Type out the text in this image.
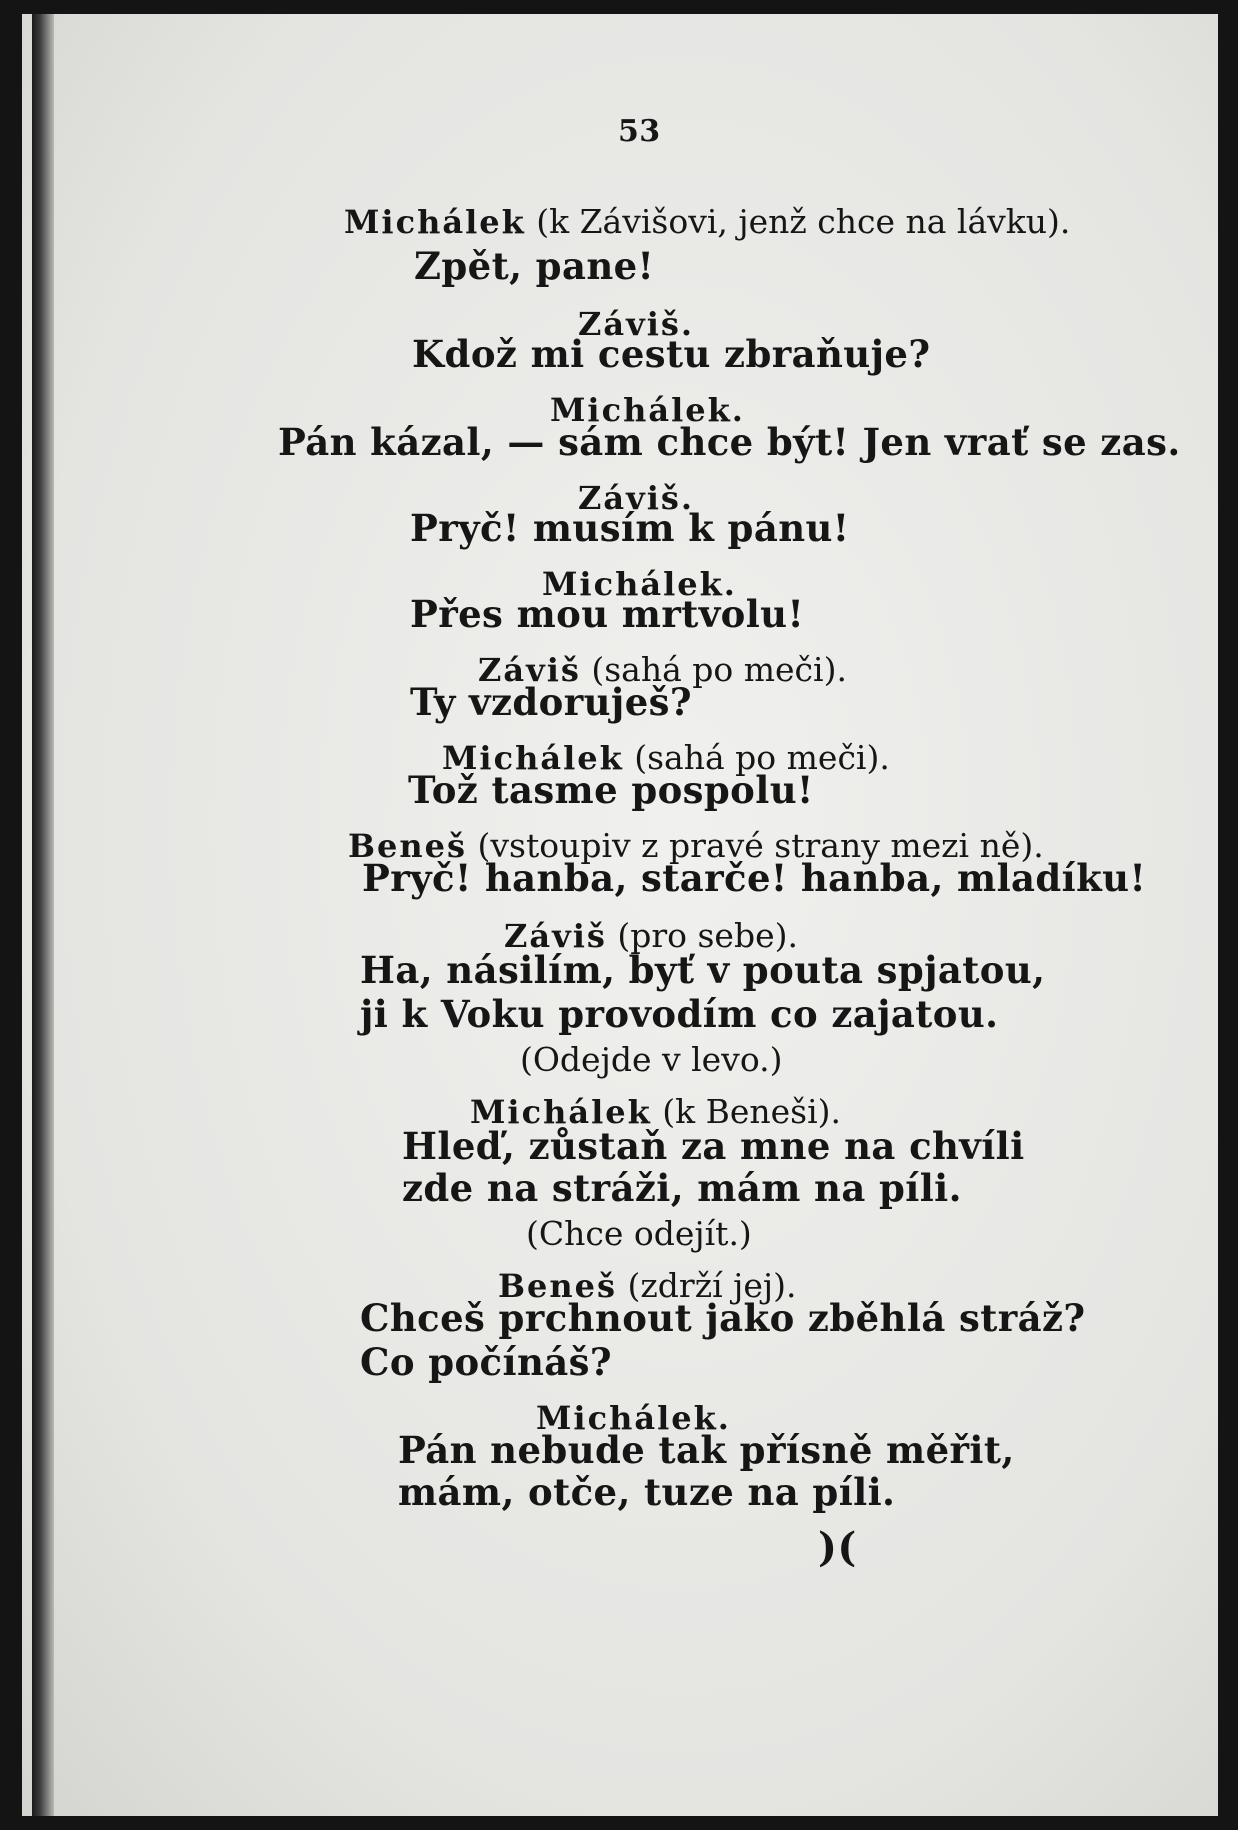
53
Michálek (k Závišovi, jenž chce na lávku).
Zpět, pane!
Záviš.
Kdož mi cestu zbraňuje?
Michálek.
Pán kázal, — sám chce být! Jen vrať se zas.
Záviš.
Pryč! musím k pánu!
Michálek.
Přes mou mrtvolu!
Záviš (sahá po meči).
Ty vzdoruješ?
Michálek (sahá po meči).
Tož tasme pospolu!
Beneš (vstoupiv z pravé strany mezi ně).
Pryč! hanba, starče! hanba, mladíku!
Záviš (pro sebe).
Ha, násilím, byť v pouta spjatou,
ji k Voku provodím co zajatou.
(Odejde v levo.)
Michálek (k Benešі).
Hleď, zůstaň za mne na chvíli
zde na stráži, mám na píli.
(Chce odejít.)
Beneš (zdrží jej).
Chceš prchnout jako zběhlá stráž?
Co počínáš?
Michálek.
Pán nebude tak přísně měřit,
mám, otče, tuze na píli.
)(
